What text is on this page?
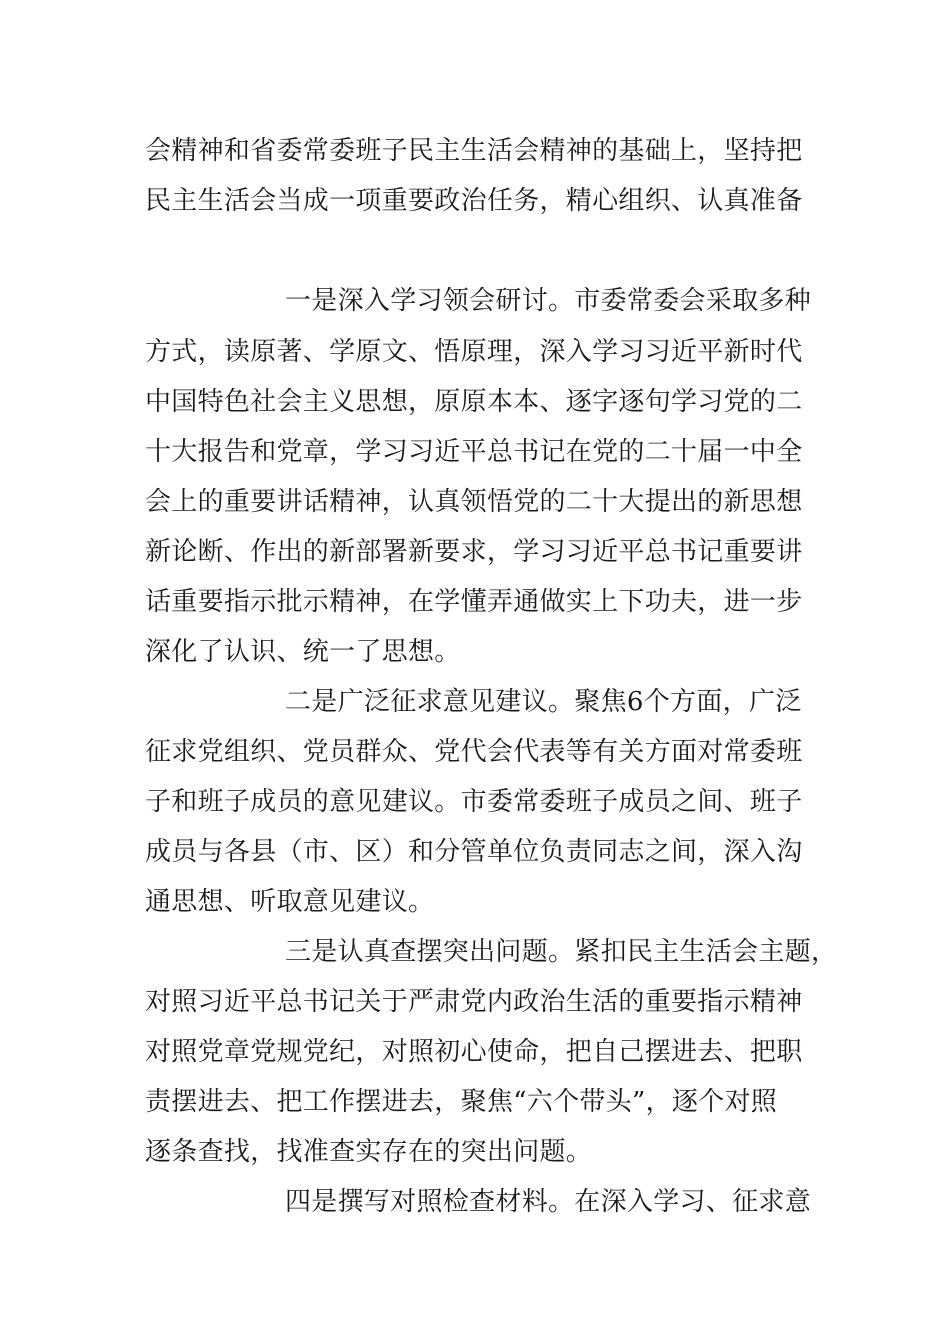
会精神和省委常委班子民主生活会精神的基础上，坚持把
民主生活会当成一项重要政治任务，精心组织、认真准备
一是深入学习领会研讨。市委常委会采取多种
方式，读原著、学原文、悟原理，深入学习习近平新时代
中国特色社会主义思想，原原本本、逐字逐句学习党的二
十大报告和党章，学习习近平总书记在党的二十届一中全
会上的重要讲话精神，认真领悟党的二十大提出的新思想
新论断、作出的新部署新要求，学习习近平总书记重要讲
话重要指示批示精神，在学懂弄通做实上下功夫，进一步
深化了认识、统一了思想。
二是广泛征求意见建议。聚焦6个方面，广泛
征求党组织、党员群众、党代会代表等有关方面对常委班
子和班子成员的意见建议。市委常委班子成员之间、班子
成员与各县（市、区）和分管单位负责同志之间，深入沟
通思想、听取意见建议。
三是认真查摆突出问题。紧扣民主生活会主题，
对照习近平总书记关于严肃党内政治生活的重要指示精神
对照党章党规党纪，对照初心使命，把自己摆进去、把职
责摆进去、把工作摆进去，聚焦“六个带头”，逐个对照
逐条查找，找准查实存在的突出问题。
四是撰写对照检查材料。在深入学习、征求意
